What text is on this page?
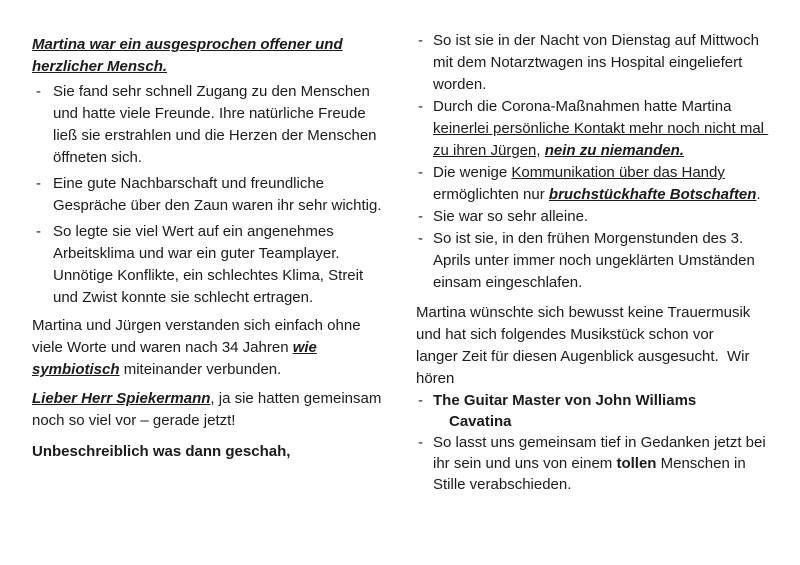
Martina war ein ausgesprochen offener und herzlicher Mensch.

- Sie fand sehr schnell Zugang zu den Menschen und hatte viele Freunde. Ihre natürliche Freude ließ sie erstrahlen und die Herzen der Menschen öffneten sich.
- Eine gute Nachbarschaft und freundliche Gespräche über den Zaun waren ihr sehr wichtig.
- So legte sie viel Wert auf ein angenehmes Arbeitsklima und war ein guter Teamplayer. Unnötige Konflikte, ein schlechtes Klima, Streit und Zwist konnte sie schlecht ertragen.

Martina und Jürgen verstanden sich einfach ohne viele Worte und waren nach 34 Jahren wie symbiotisch miteinander verbunden.

Lieber Herr Spiekermann, ja sie hatten gemeinsam noch so viel vor – gerade jetzt!

Unbeschreiblich was dann geschah,

- So ist sie in der Nacht von Dienstag auf Mittwoch mit dem Notarztwagen ins Hospital eingeliefert worden.
- Durch die Corona-Maßnahmen hatte Martina keinerlei persönliche Kontakt mehr noch nicht mal zu ihren Jürgen, nein zu niemanden.
- Die wenige Kommunikation über das Handy ermöglichten nur bruchstückhafte Botschaften.
- Sie war so sehr alleine.
- So ist sie, in den frühen Morgenstunden des 3. Aprils unter immer noch ungeklärten Umständen einsam eingeschlafen.

Martina wünschte sich bewusst keine Trauermusik und hat sich folgendes Musikstück schon vor langer Zeit für diesen Augenblick ausgesucht.  Wir hören

- The Guitar Master von John Williams
Cavatina
- So lasst uns gemeinsam tief in Gedanken jetzt bei ihr sein und uns von einem tollen Menschen in Stille verabschieden.
